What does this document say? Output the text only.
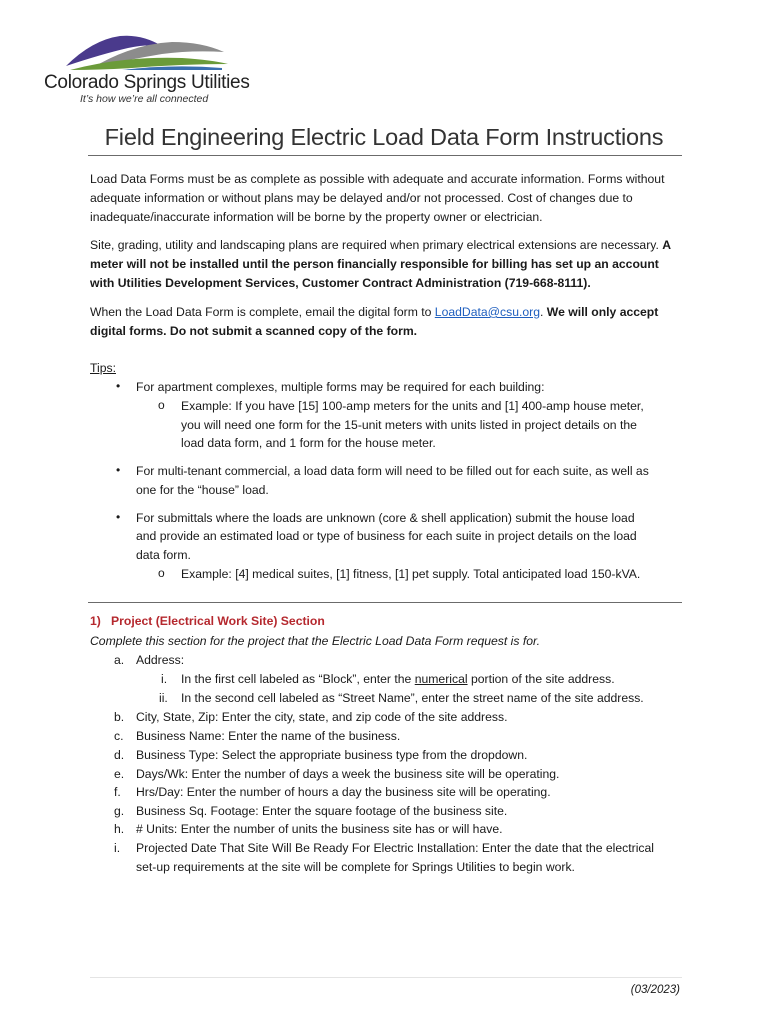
Colorado Springs Utilities
It’s how we’re all connected
Field Engineering Electric Load Data Form Instructions
Load Data Forms must be as complete as possible with adequate and accurate information. Forms without adequate information or without plans may be delayed and/or not processed. Cost of changes due to inadequate/inaccurate information will be borne by the property owner or electrician.
Site, grading, utility and landscaping plans are required when primary electrical extensions are necessary. A meter will not be installed until the person financially responsible for billing has set up an account with Utilities Development Services, Customer Contract Administration (719-668-8111).
When the Load Data Form is complete, email the digital form to LoadData@csu.org. We will only accept digital forms. Do not submit a scanned copy of the form.
Tips:
• For apartment complexes, multiple forms may be required for each building:
o Example: If you have [15] 100-amp meters for the units and [1] 400-amp house meter,
you will need one form for the 15-unit meters with units listed in project details on the
load data form, and 1 form for the house meter.
• For multi-tenant commercial, a load data form will need to be filled out for each suite, as well as
one for the “house” load.
• For submittals where the loads are unknown (core & shell application) submit the house load
and provide an estimated load or type of business for each suite in project details on the load
data form.
o Example: [4] medical suites, [1] fitness, [1] pet supply. Total anticipated load 150-kVA.
1) Project (Electrical Work Site) Section
Complete this section for the project that the Electric Load Data Form request is for.
a. Address:
i. In the first cell labeled as “Block”, enter the numerical portion of the site address.
ii. In the second cell labeled as “Street Name”, enter the street name of the site address.
b. City, State, Zip: Enter the city, state, and zip code of the site address.
c. Business Name: Enter the name of the business.
d. Business Type: Select the appropriate business type from the dropdown.
e. Days/Wk: Enter the number of days a week the business site will be operating.
f. Hrs/Day: Enter the number of hours a day the business site will be operating.
g. Business Sq. Footage: Enter the square footage of the business site.
h. # Units: Enter the number of units the business site has or will have.
i. Projected Date That Site Will Be Ready For Electric Installation: Enter the date that the electrical
set-up requirements at the site will be complete for Springs Utilities to begin work.
(03/2023)
